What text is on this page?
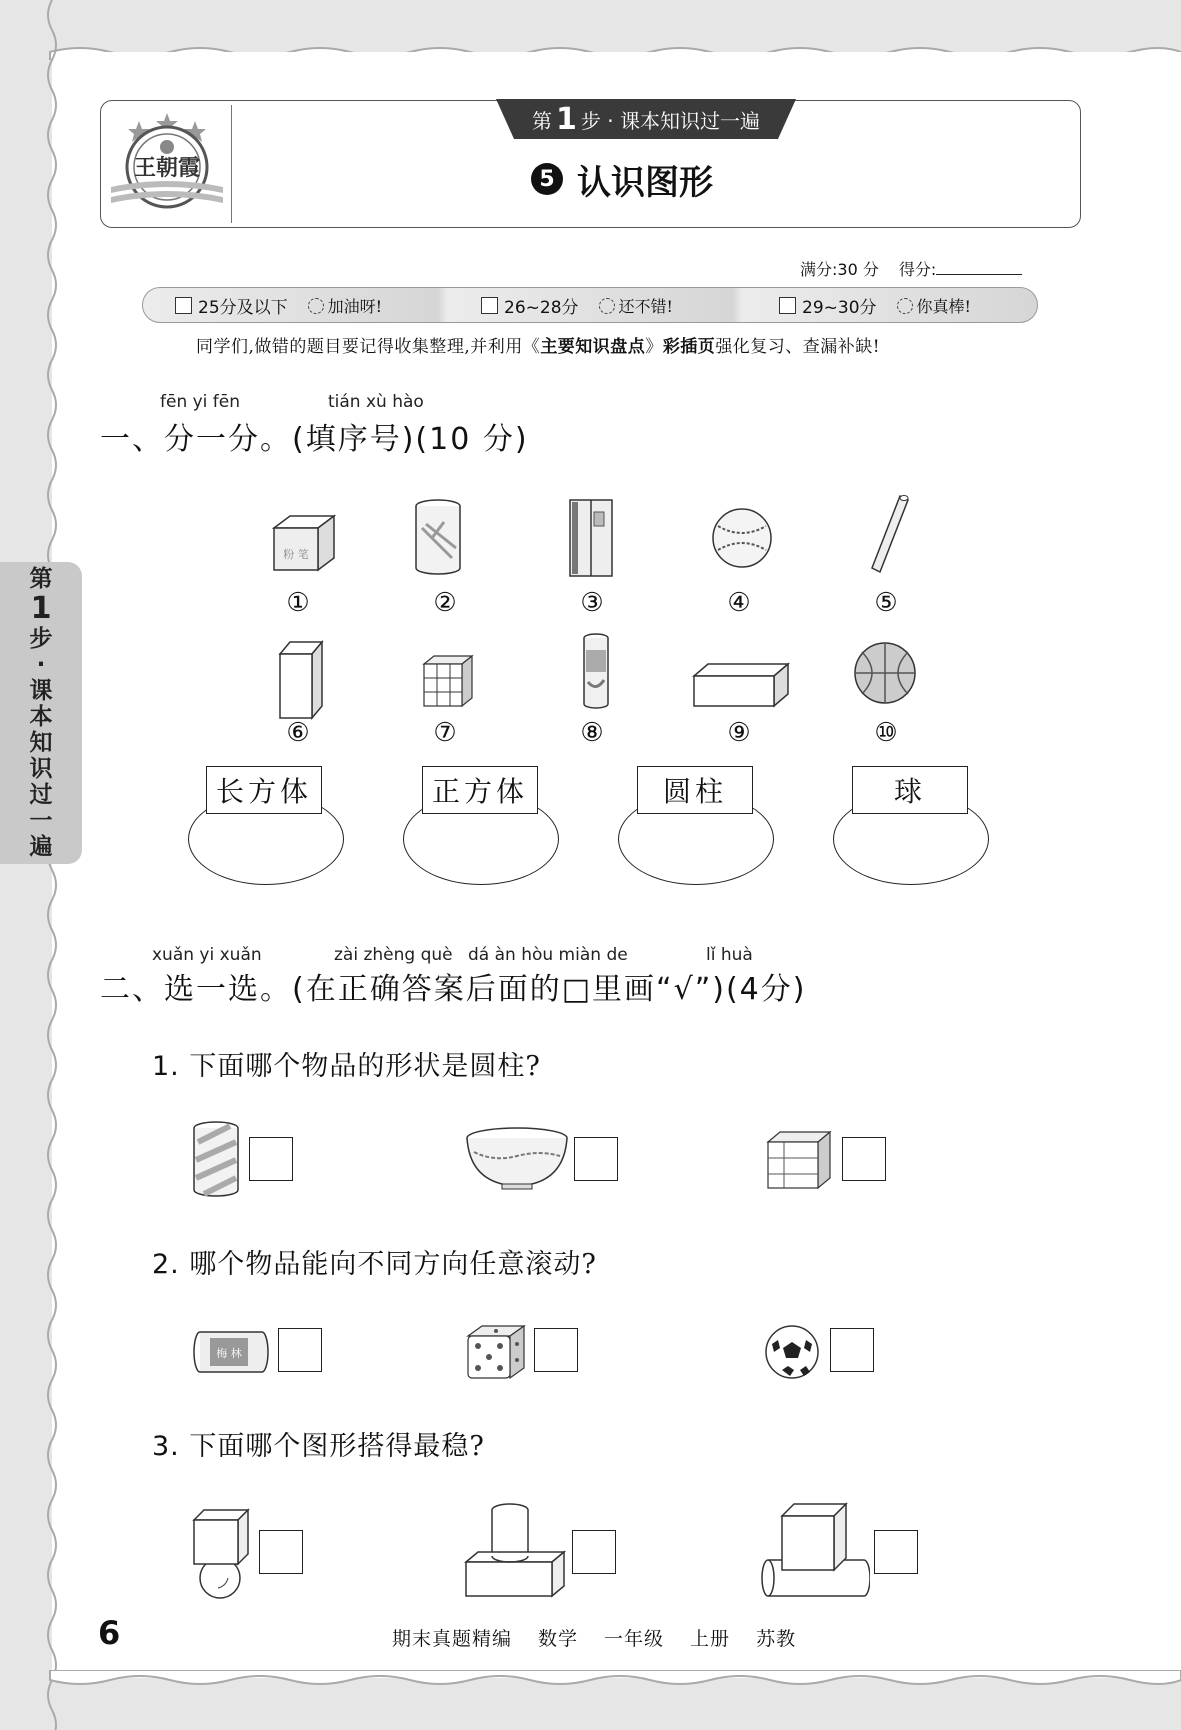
第
1
步
·
课
本
知
识
过
一
遍
王朝霞
第 1 步 · 课本知识过一遍
5 认识图形
满分:30 分 得分:
25分及以下	加油呀!	26~28分	还不错!	29~30分	你真棒!
同学们,做错的题目要记得收集整理,并利用《主要知识盘点》彩插页强化复习、查漏补缺!
fēn yi fēn	tián xù hào
一、分一分。(填序号)(10 分)
粉 笔
①	②	③	④	⑤
⑥	⑦	⑧	⑨	⑩
长方体	正方体	圆柱	球
xuǎn yi xuǎn	zài zhèng què dá àn hòu miàn de	lǐ huà
二、选一选。(在正确答案后面的□里画“√”)(4分)
1. 下面哪个物品的形状是圆柱?
2. 哪个物品能向不同方向任意滚动?
梅 林
3. 下面哪个图形搭得最稳?
6	期末真题精编 数学 一年级 上册 苏教
